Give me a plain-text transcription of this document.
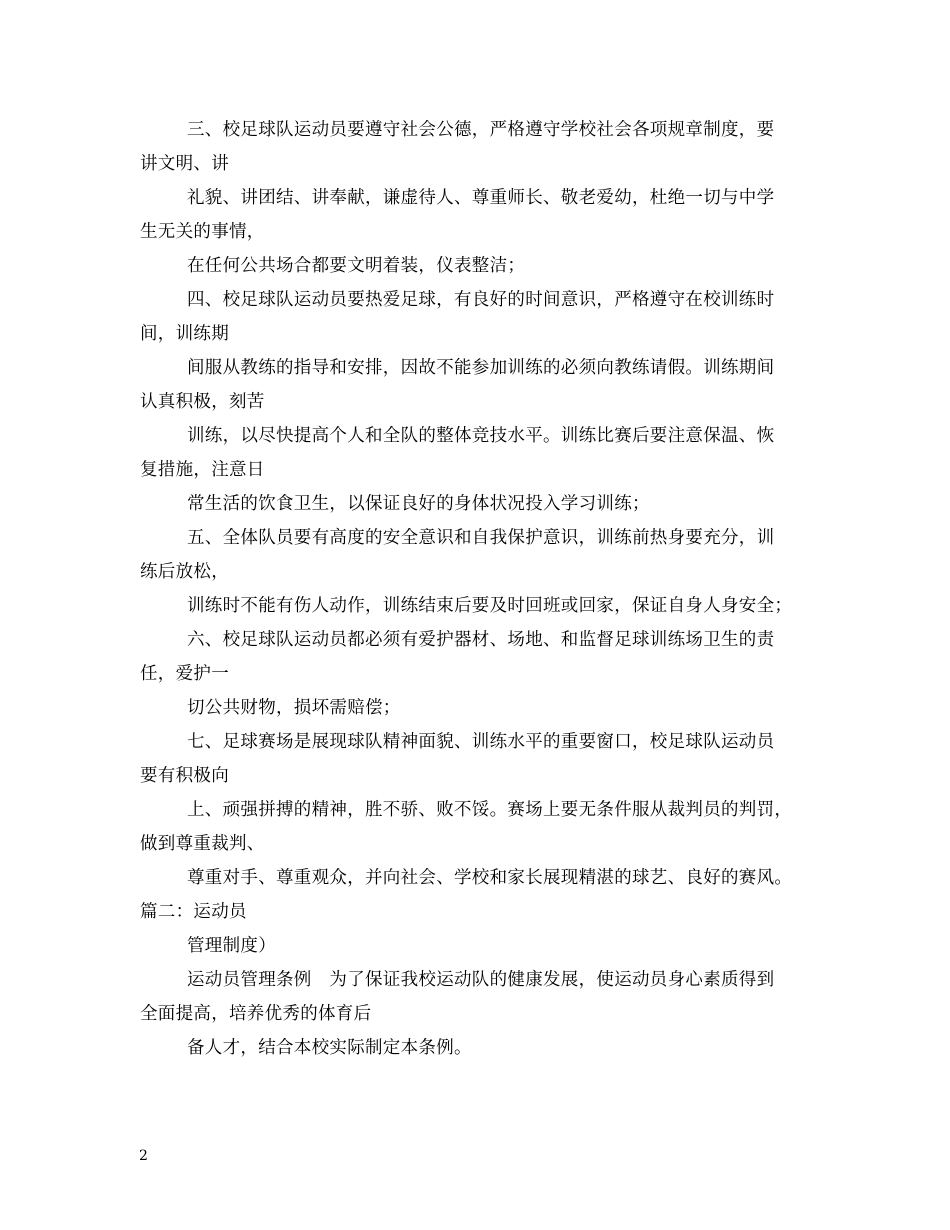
三、校足球队运动员要遵守社会公德，严格遵守学校社会各项规章制度，要
讲文明、讲

礼貌、讲团结、讲奉献，谦虚待人、尊重师长、敬老爱幼，杜绝一切与中学
生无关的事情，

在任何公共场合都要文明着装，仪表整洁；

四、校足球队运动员要热爱足球，有良好的时间意识，严格遵守在校训练时
间，训练期

间服从教练的指导和安排，因故不能参加训练的必须向教练请假。训练期间
认真积极，刻苦

训练，以尽快提高个人和全队的整体竞技水平。训练比赛后要注意保温、恢
复措施，注意日

常生活的饮食卫生，以保证良好的身体状况投入学习训练；

五、全体队员要有高度的安全意识和自我保护意识，训练前热身要充分，训
练后放松，

训练时不能有伤人动作，训练结束后要及时回班或回家，保证自身人身安全；

六、校足球队运动员都必须有爱护器材、场地、和监督足球训练场卫生的责
任，爱护一

切公共财物，损坏需赔偿；

七、足球赛场是展现球队精神面貌、训练水平的重要窗口，校足球队运动员
要有积极向

上、顽强拼搏的精神，胜不骄、败不馁。赛场上要无条件服从裁判员的判罚，
做到尊重裁判、

尊重对手、尊重观众，并向社会、学校和家长展现精湛的球艺、良好的赛风。
篇二：运动员

管理制度）

运动员管理条例　为了保证我校运动队的健康发展，使运动员身心素质得到
全面提高，培养优秀的体育后

备人才，结合本校实际制定本条例。

2
